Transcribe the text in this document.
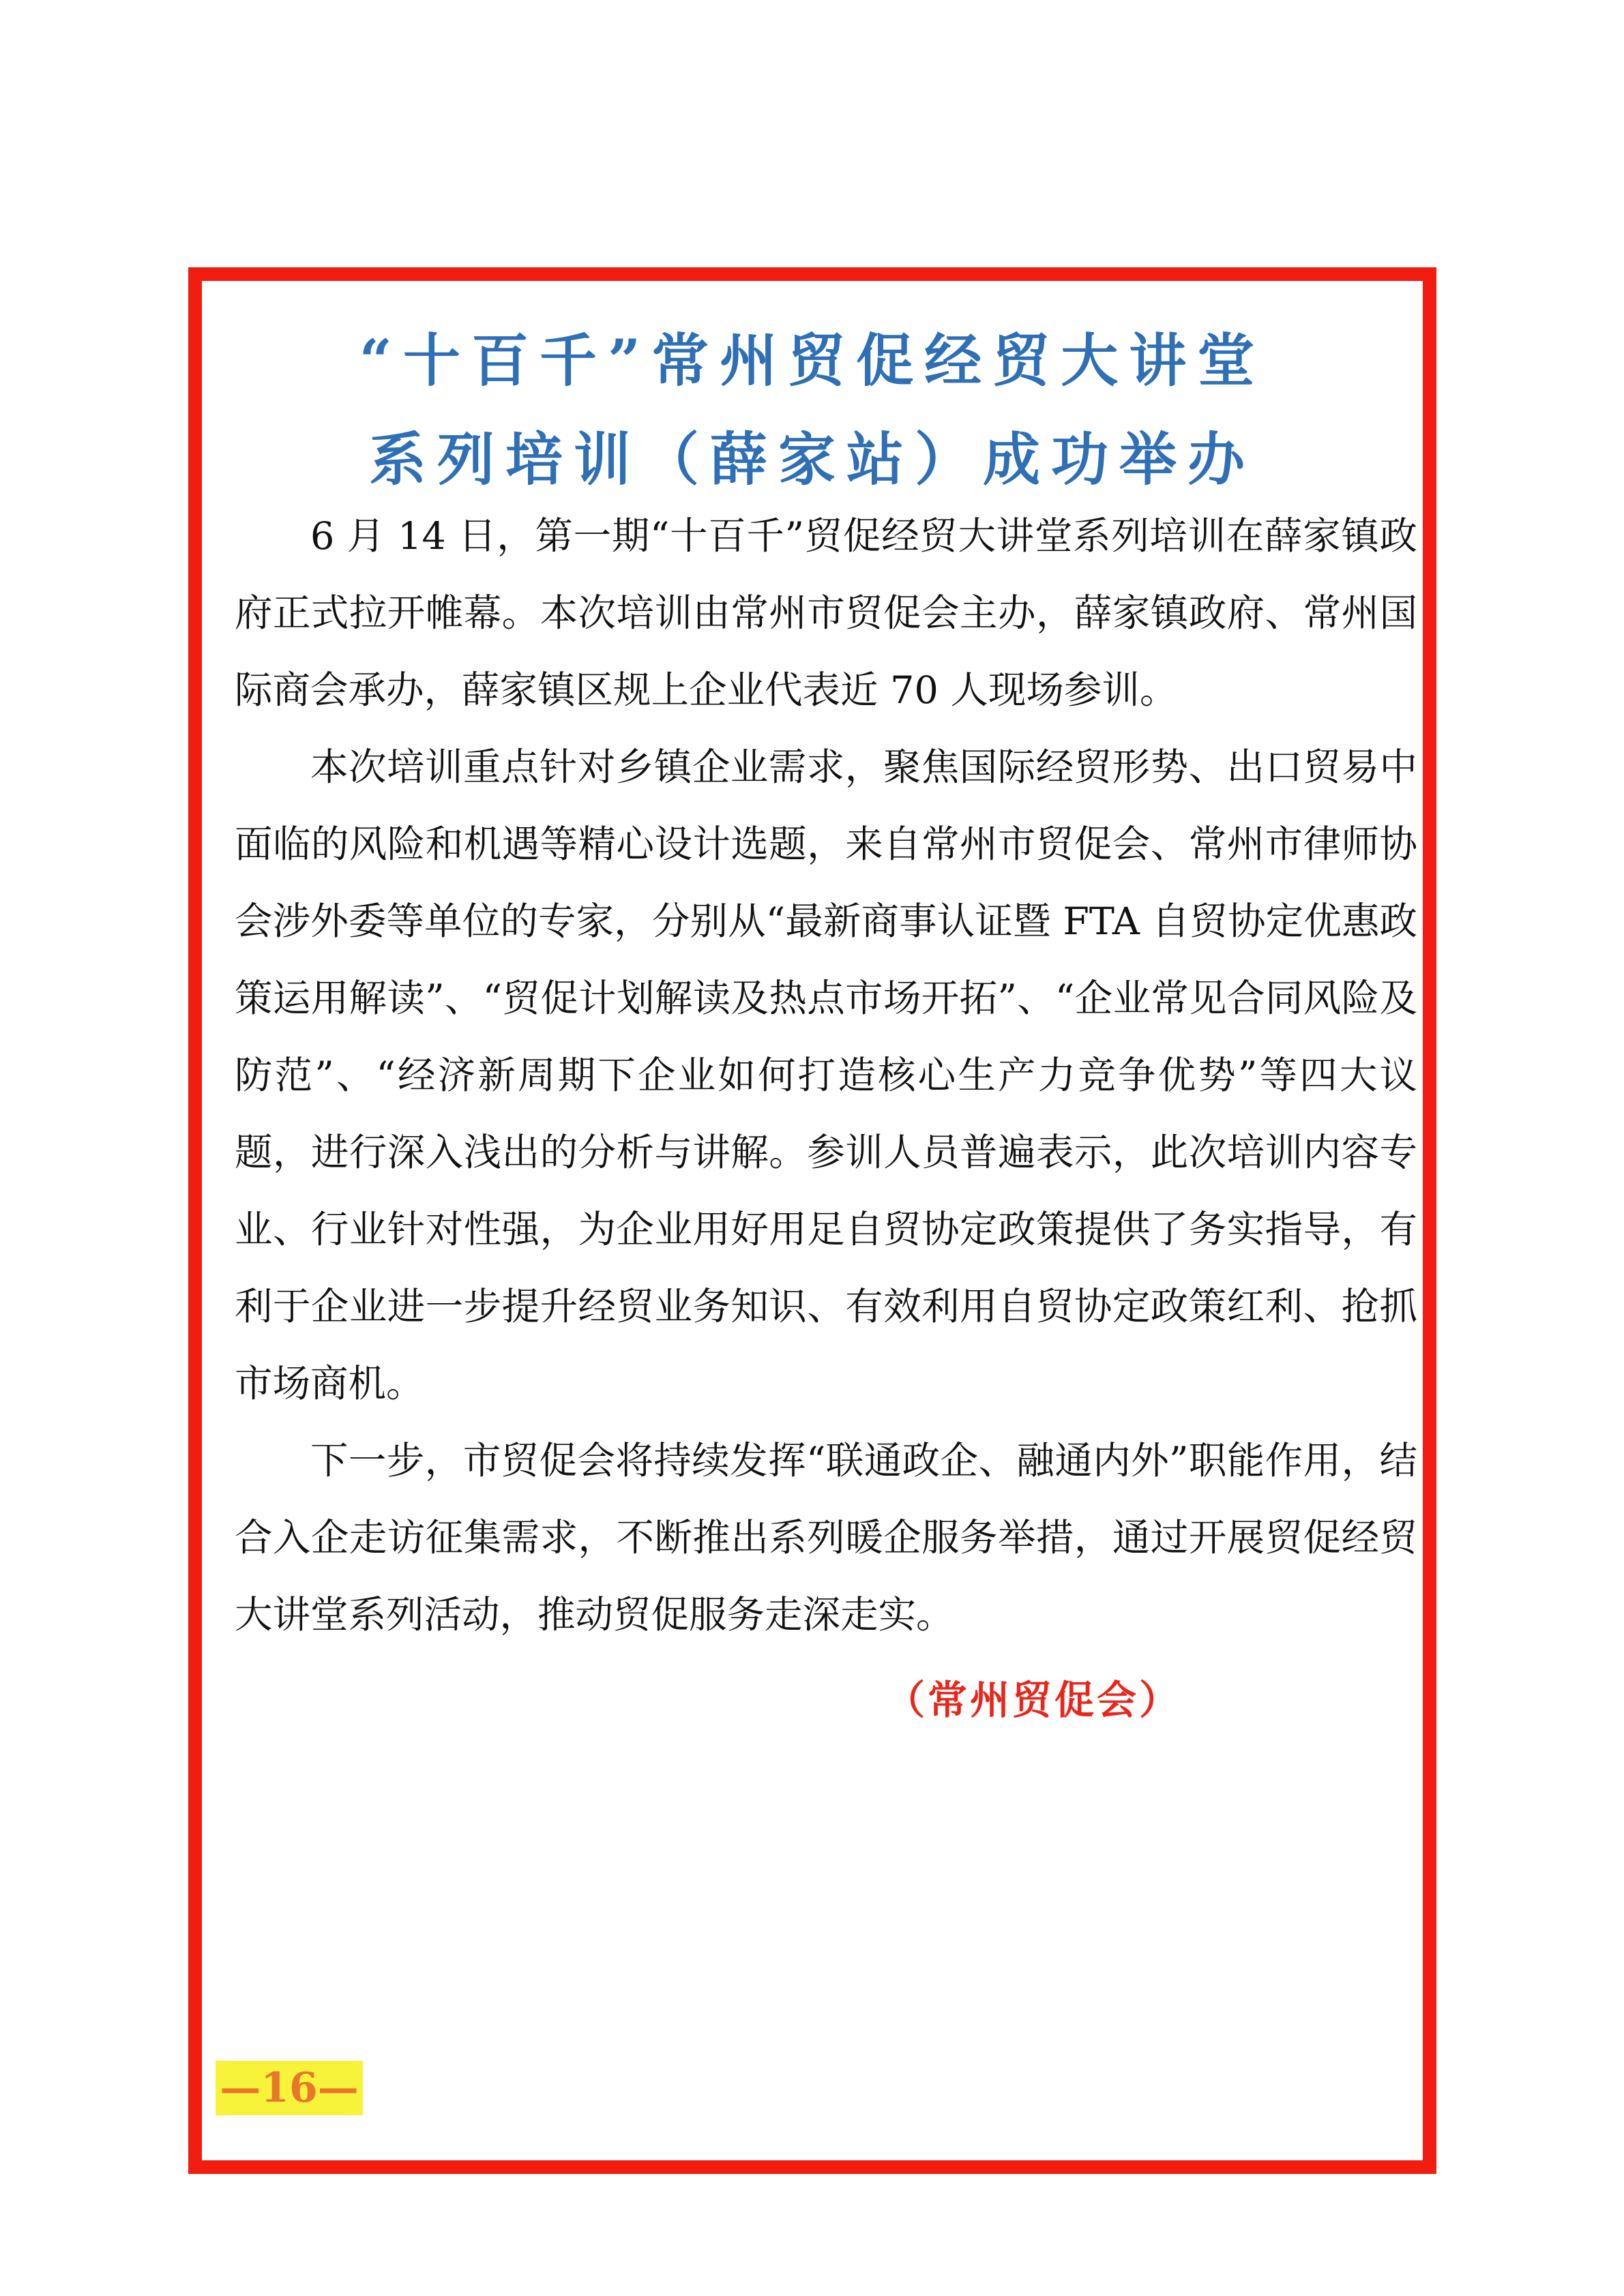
“十百千”常州贸促经贸大讲堂
系列培训（薛家站）成功举办

6 月 14 日，第一期“十百千”贸促经贸大讲堂系列培训在薛家镇政府正式拉开帷幕。本次培训由常州市贸促会主办，薛家镇政府、常州国际商会承办，薛家镇区规上企业代表近 70 人现场参训。

本次培训重点针对乡镇企业需求，聚焦国际经贸形势、出口贸易中面临的风险和机遇等精心设计选题，来自常州市贸促会、常州市律师协会涉外委等单位的专家，分别从“最新商事认证暨 FTA 自贸协定优惠政策运用解读”、“贸促计划解读及热点市场开拓”、“企业常见合同风险及防范”、“经济新周期下企业如何打造核心生产力竞争优势”等四大议题，进行深入浅出的分析与讲解。参训人员普遍表示，此次培训内容专业、行业针对性强，为企业用好用足自贸协定政策提供了务实指导，有利于企业进一步提升经贸业务知识、有效利用自贸协定政策红利、抢抓市场商机。

下一步，市贸促会将持续发挥“联通政企、融通内外”职能作用，结合入企走访征集需求，不断推出系列暖企服务举措，通过开展贸促经贸大讲堂系列活动，推动贸促服务走深走实。

（常州贸促会）
—16—
